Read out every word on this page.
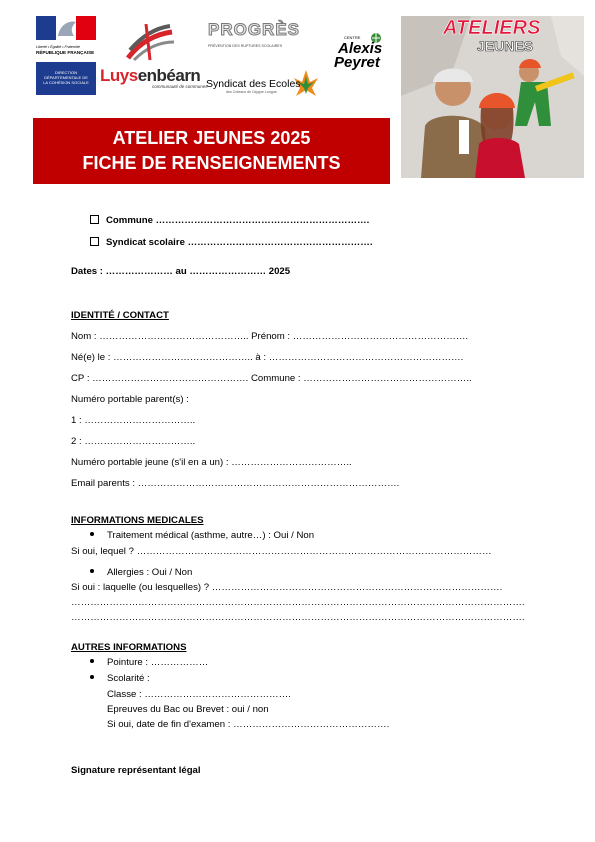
Liberté • Égalité • Fraternité
RÉPUBLIQUE FRANÇAISE
DIRECTION DÉPARTEMENTALE DE LA COHÉSION SOCIALE Luysenbéarn
communauté de communes
PROGRÈS
PRÉVENTION DES RUPTURES SCOLAIRES
CENTRE
Alexis
Peyret
Syndicat des Ecoles
des Coteaux de l'Aygue Longue
ATELIERS
JEUNES
ATELIER JEUNES 2025
FICHE DE RENSEIGNEMENTS
Commune ………………………………………………………….
Syndicat scolaire ………………………………………………….
Dates : ………………… au …………………… 2025
IDENTITÉ / CONTACT
Nom : ……………………………………….. Prénom : ……………………………………………….
Né(e) le : …………………………………….. à : …………………………………………………….
CP : …………………………………………. Commune : ……………………………………………..
Numéro portable parent(s) :
1 : ……………………………..
2 : ……………………………..
Numéro portable jeune (s'il en a un) : ………………………………..
Email parents : ……………………………………………………………………….
INFORMATIONS MEDICALES
Traitement médical (asthme, autre…) : Oui / Non
Si oui, lequel ? …………………………………………………………………………………………………
Allergies : Oui / Non
Si oui : laquelle (ou lesquelles) ? ……………………………………………………………………………….
…………………………………………………………………………………………………………………………….
…………………………………………………………………………………………………………………………….
AUTRES INFORMATIONS
Pointure : ………………
Scolarité :
Classe : ……………………………………….
Epreuves du Bac ou Brevet : oui / non
Si oui, date de fin d'examen : ………………………………………….
Signature représentant légal
